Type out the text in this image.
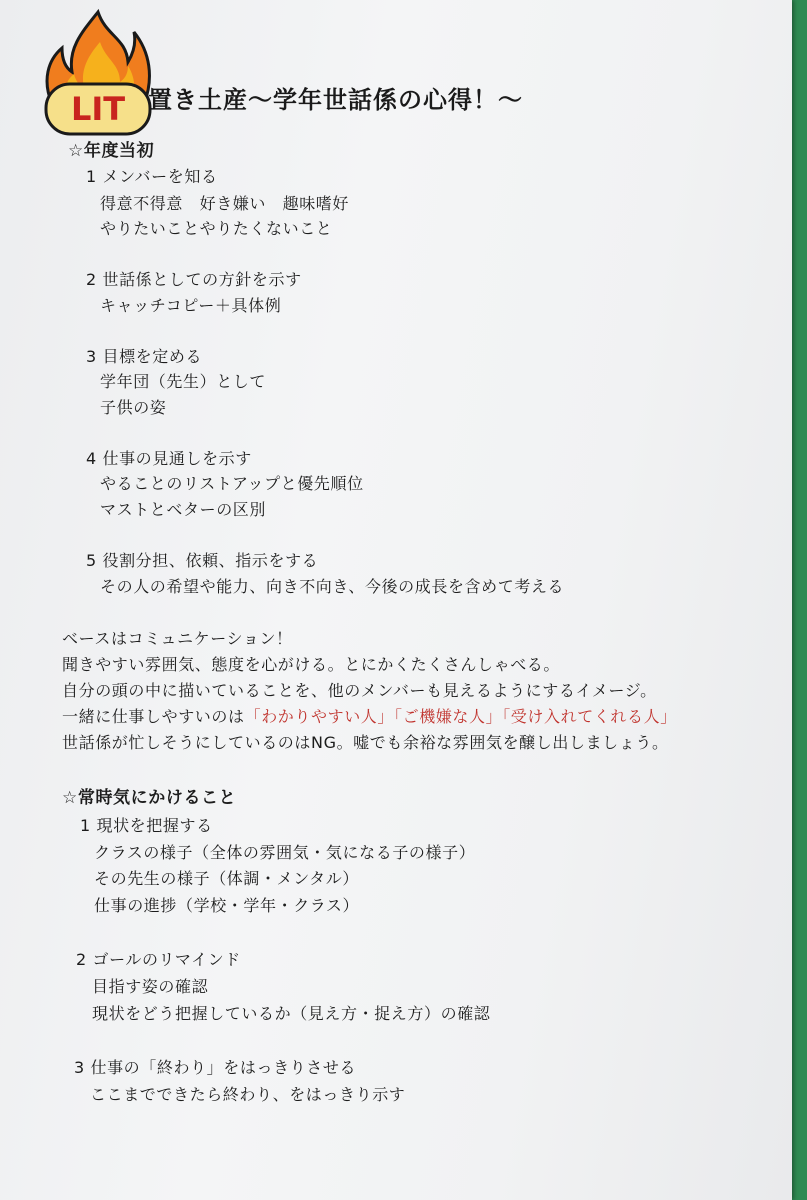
LIT 置き土産～学年世話係の心得！～
☆年度当初
1 メンバーを知る
得意不得意　好き嫌い　趣味嗜好
やりたいことやりたくないこと
2 世話係としての方針を示す
キャッチコピー＋具体例
3 目標を定める
学年団（先生）として
子供の姿
4 仕事の見通しを示す
やることのリストアップと優先順位
マストとベターの区別
5 役割分担、依頼、指示をする
その人の希望や能力、向き不向き、今後の成長を含めて考える
ベースはコミュニケーション！
聞きやすい雰囲気、態度を心がける。とにかくたくさんしゃべる。
自分の頭の中に描いていることを、他のメンバーも見えるようにするイメージ。
一緒に仕事しやすいのは「わかりやすい人」「ご機嫌な人」「受け入れてくれる人」
世話係が忙しそうにしているのはNG。嘘でも余裕な雰囲気を醸し出しましょう。
☆常時気にかけること
1 現状を把握する
クラスの様子（全体の雰囲気・気になる子の様子）
その先生の様子（体調・メンタル）
仕事の進捗（学校・学年・クラス）
2 ゴールのリマインド
目指す姿の確認
現状をどう把握しているか（見え方・捉え方）の確認
3 仕事の「終わり」をはっきりさせる
ここまでできたら終わり、をはっきり示す
